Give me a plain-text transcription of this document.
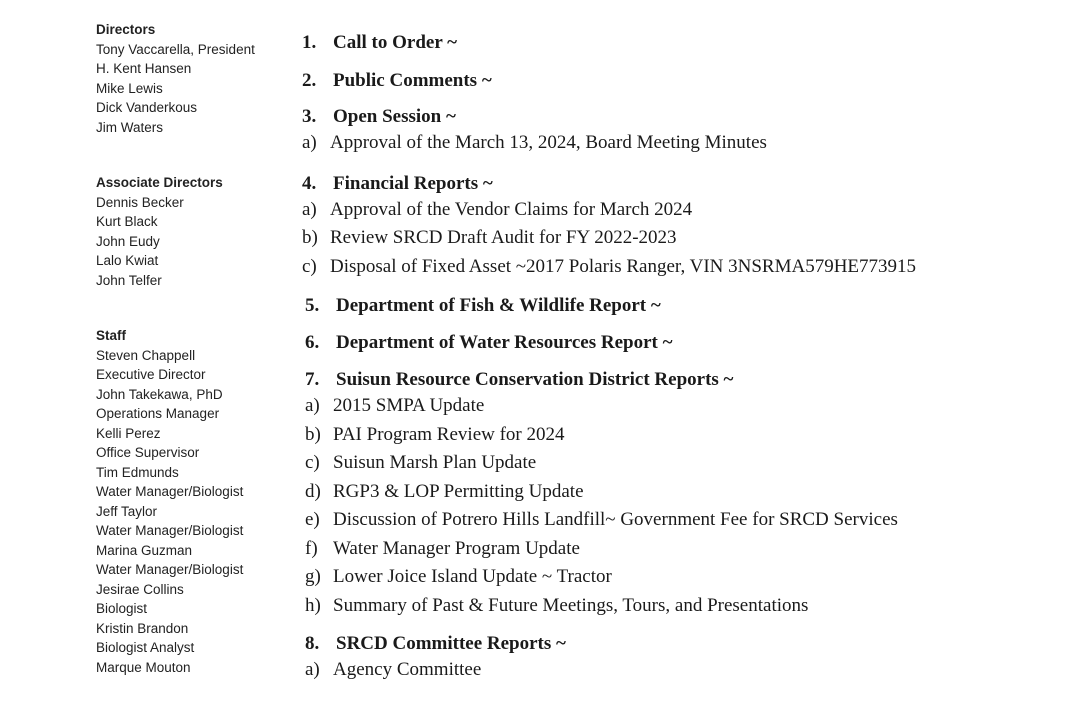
Directors
Tony Vaccarella, President
H. Kent Hansen
Mike Lewis
Dick Vanderkous
Jim Waters
Associate Directors
Dennis Becker
Kurt Black
John Eudy
Lalo Kwiat
John Telfer
Staff
Steven Chappell
Executive Director
John Takekawa, PhD
Operations Manager
Kelli Perez
Office Supervisor
Tim Edmunds
Water Manager/Biologist
Jeff Taylor
Water Manager/Biologist
Marina Guzman
Water Manager/Biologist
Jesirae Collins
Biologist
Kristin Brandon
Biologist Analyst
Marque Mouton
1. Call to Order ~
2. Public Comments ~
3. Open Session ~
a) Approval of the March 13, 2024, Board Meeting Minutes
4. Financial Reports ~
a) Approval of the Vendor Claims for March 2024
b) Review SRCD Draft Audit for FY 2022-2023
c) Disposal of Fixed Asset ~2017 Polaris Ranger, VIN 3NSRMA579HE773915
5. Department of Fish & Wildlife Report ~
6. Department of Water Resources Report ~
7. Suisun Resource Conservation District Reports ~
a) 2015 SMPA Update
b) PAI Program Review for 2024
c) Suisun Marsh Plan Update
d) RGP3 & LOP Permitting Update
e) Discussion of Potrero Hills Landfill~ Government Fee for SRCD Services
f) Water Manager Program Update
g) Lower Joice Island Update ~ Tractor
h) Summary of Past & Future Meetings, Tours, and Presentations
8. SRCD Committee Reports ~
a) Agency Committee
